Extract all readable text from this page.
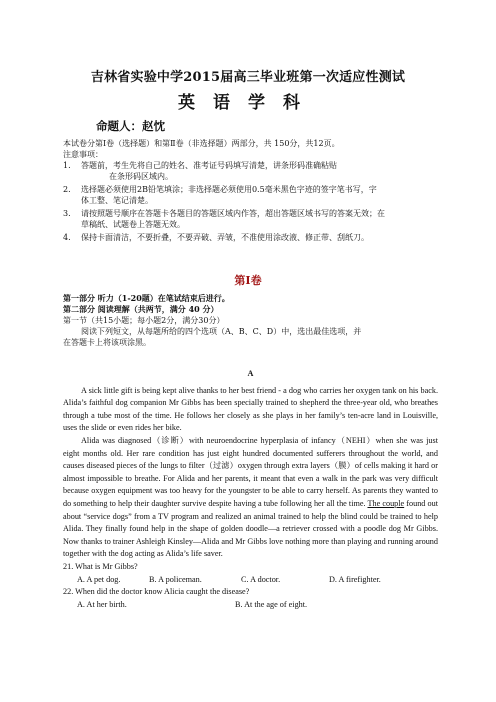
吉林省实验中学2015届高三毕业班第一次适应性测试
英语学科
命题人：赵忱
本试卷分第Ⅰ卷（选择题）和第Ⅱ卷（非选择题）两部分，共 150分，共12页。
注意事项：
1. 答题前，考生先将自己的姓名、准考证号码填写清楚，讲条形码准确粘贴
在条形码区域内。
2. 选择题必须使用2B铅笔填涂；非选择题必须使用0.5毫米黑色字迹的签字笔书写，字
体工整、笔记清楚。
3. 请按照题号顺序在答题卡各题目的答题区域内作答，超出答题区域书写的答案无效；在
草稿纸、试题卷上答题无效。
4. 保持卡面清洁，不要折叠，不要弄破、弄皱，不准使用涂改液、修正带、刮纸刀。
第Ⅰ卷
第一部分 听力（1-20题）在笔试结束后进行。
第二部分 阅读理解（共两节，满分 40 分）
第一节（共15小题；每小题2分，满分30分）
阅读下列短文，从每题所给的四个选项（A、B、C、D）中，选出最佳选项，并
在答题卡上将该项涂黑。
A

A sick little gift is being kept alive thanks to her best friend - a dog who carries her oxygen tank on his back. Alida’s faithful dog companion Mr Gibbs has been specially trained to shepherd the three-year old, who breathes through a tube most of the time. He follows her closely as she plays in her family’s ten-acre land in Louisville, uses the slide or even rides her bike.

Alida was diagnosed（诊断）with neuroendocrine hyperplasia of infancy（NEHI）when she was just eight months old. Her rare condition has just eight hundred documented sufferers throughout the world, and causes diseased pieces of the lungs to filter（过滤）oxygen through extra layers（膜）of cells making it hard or almost impossible to breathe. For Alida and her parents, it meant that even a walk in the park was very difficult because oxygen equipment was too heavy for the youngster to be able to carry herself. As parents they wanted to do something to help their daughter survive despite having a tube following her all the time. The couple found out about “service dogs” from a TV program and realized an animal trained to help the blind could be trained to help Alida. They finally found help in the shape of golden doodle—a retriever crossed with a poodle dog Mr Gibbs. Now thanks to trainer Ashleigh Kinsley—Alida and Mr Gibbs love nothing more than playing and running around together with the dog acting as Alida’s life saver.

21. What is Mr Gibbs?
A. A pet dog.	B. A policeman.	C. A doctor.	D. A firefighter.
22. When did the doctor know Alicia caught the disease?
A. At her birth.	B. At the age of eight.
